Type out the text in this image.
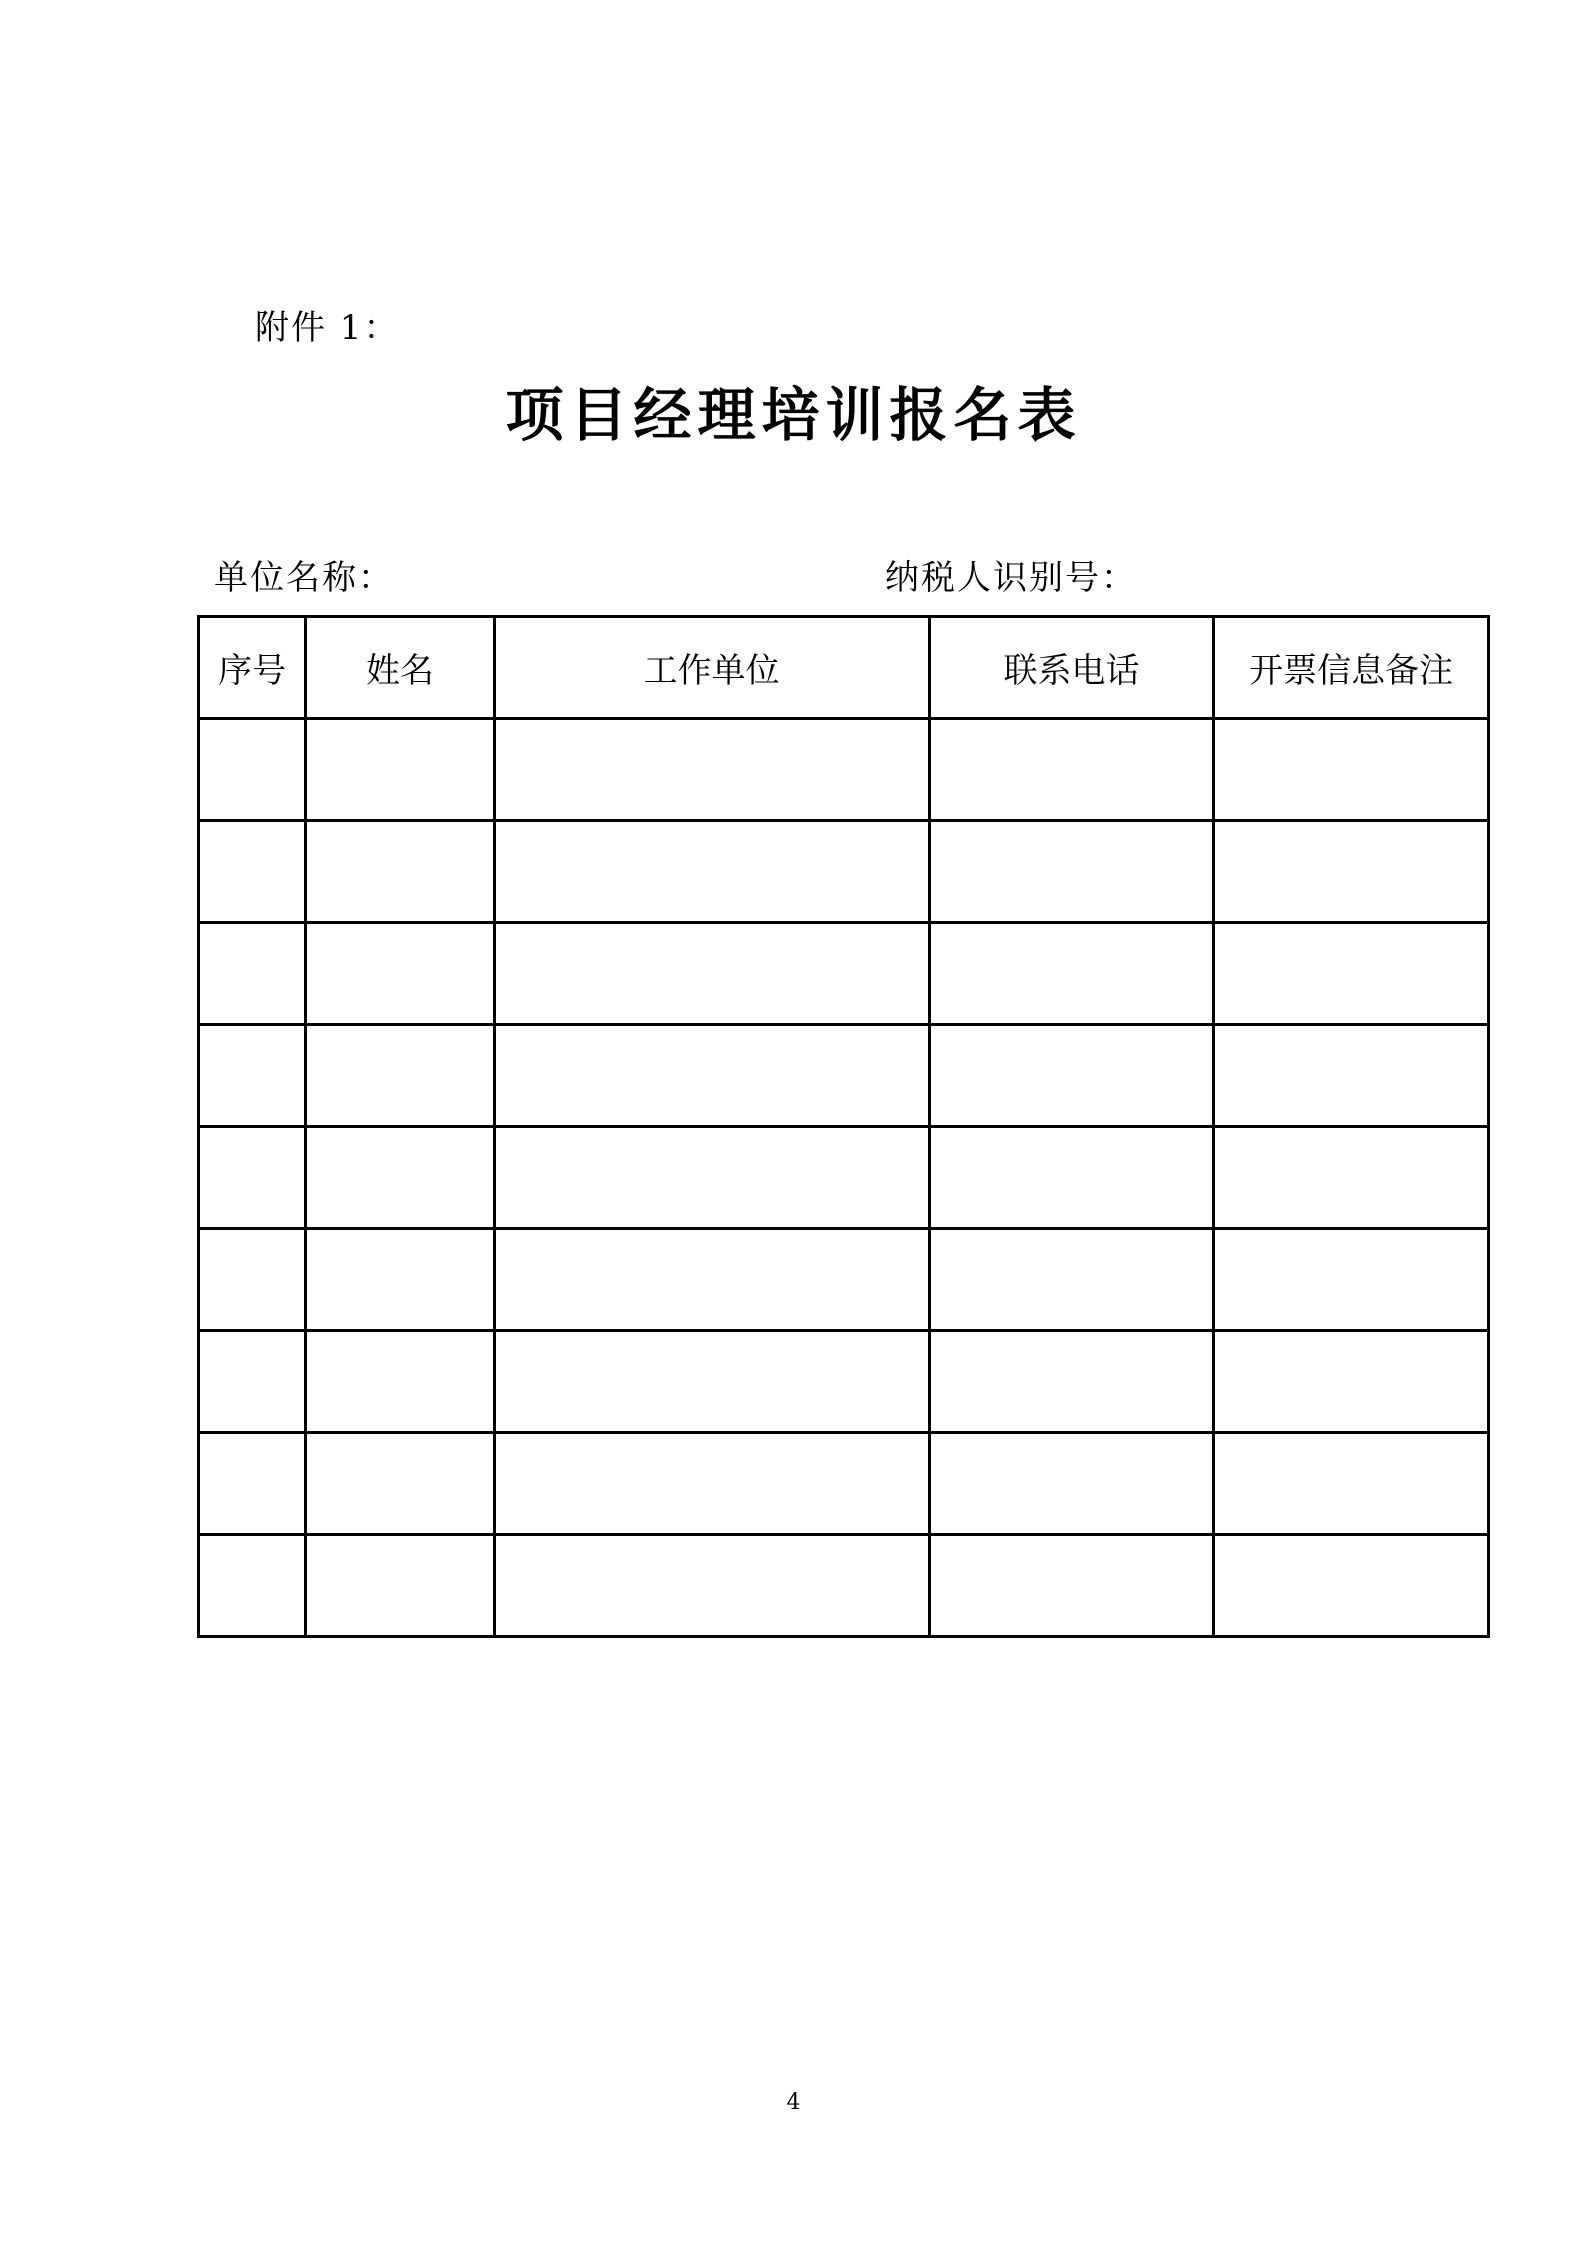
附件 1：
项目经理培训报名表
单位名称：	纳税人识别号：
序号	姓名	工作单位	联系电话	开票信息备注

4
